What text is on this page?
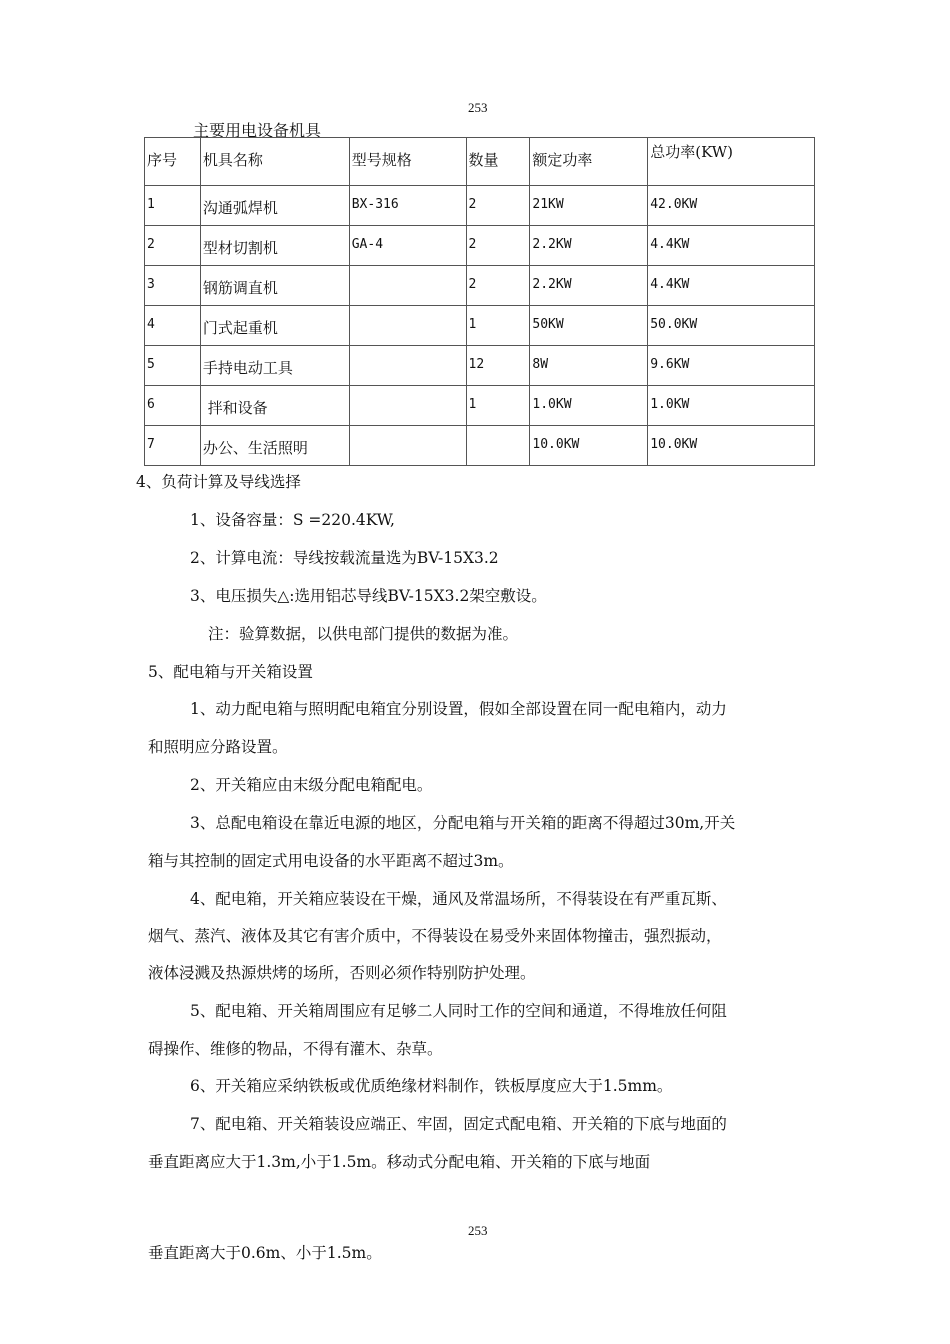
253
主要用电设备机具
序号	机具名称	型号规格	数量	额定功率	总功率(KW)
1	沟通弧焊机	BX-316	2	21KW	42.0KW
2	型材切割机	GA-4	2	2.2KW	4.4KW
3	钢筋调直机		2	2.2KW	4.4KW
4	门式起重机		1	50KW	50.0KW
5	手持电动工具		12	8W	9.6KW
6	拌和设备		1	1.0KW	1.0KW
7	办公、生活照明			10.0KW	10.0KW
4、负荷计算及导线选择
1、设备容量：S =220.4KW,
2、计算电流：导线按载流量选为BV-15X3.2
3、电压损失△:选用铝芯导线BV-15X3.2架空敷设。
注：验算数据，以供电部门提供的数据为准。
5、配电箱与开关箱设置
1、动力配电箱与照明配电箱宜分别设置，假如全部设置在同一配电箱内，动力
和照明应分路设置。
2、开关箱应由末级分配电箱配电。
3、总配电箱设在靠近电源的地区，分配电箱与开关箱的距离不得超过30m,开关
箱与其控制的固定式用电设备的水平距离不超过3m。
4、配电箱，开关箱应装设在干燥，通风及常温场所，不得装设在有严重瓦斯、
烟气、蒸汽、液体及其它有害介质中，不得装设在易受外来固体物撞击，强烈振动，
液体浸溅及热源烘烤的场所，否则必须作特别防护处理。
5、配电箱、开关箱周围应有足够二人同时工作的空间和通道，不得堆放任何阻
碍操作、维修的物品，不得有灌木、杂草。
6、开关箱应采纳铁板或优质绝缘材料制作，铁板厚度应大于1.5mm。
7、配电箱、开关箱装设应端正、牢固，固定式配电箱、开关箱的下底与地面的
垂直距离应大于1.3m,小于1.5m。移动式分配电箱、开关箱的下底与地面
253
垂直距离大于0.6m、小于1.5m。
